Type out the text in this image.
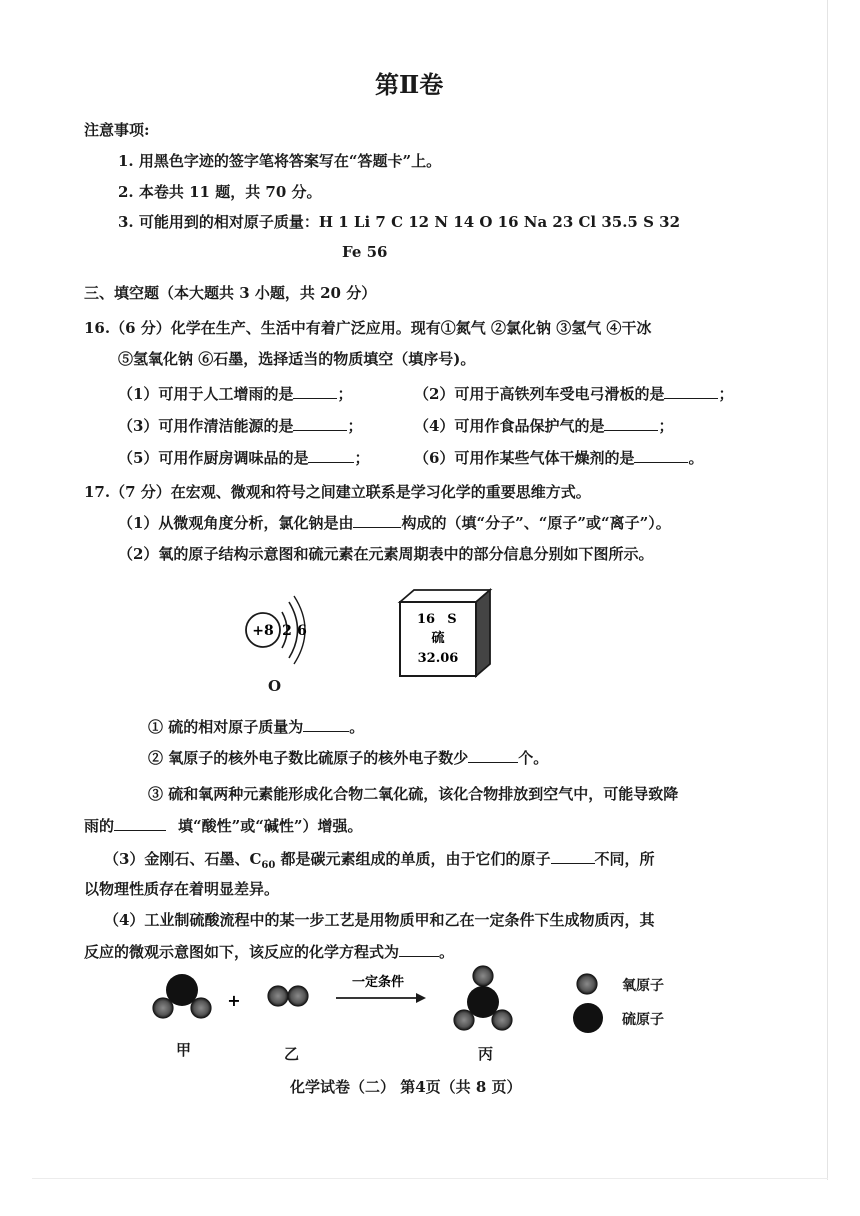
第Ⅱ卷
注意事项:
1. 用黑色字迹的签字笔将答案写在“答题卡”上。
2. 本卷共 11 题，共 70 分。
3. 可能用到的相对原子质量：H 1 Li 7 C 12 N 14 O 16 Na 23 Cl 35.5 S 32
Fe 56
三、填空题（本大题共 3 小题，共 20 分）
16.（6 分）化学在生产、生活中有着广泛应用。现有①氮气 ②氯化钠 ③氢气 ④干冰
⑤氢氧化钠 ⑥石墨，选择适当的物质填空（填序号)。
（1）可用于人工增雨的是	；	（2）可用于高铁列车受电弓滑板的是	；
（3）可用作清洁能源的是	；	（4）可用作食品保护气的是	；
（5）可用作厨房调味品的是	；	（6）可用作某些气体干燥剂的是	。
17.（7 分）在宏观、微观和符号之间建立联系是学习化学的重要思维方式。
（1）从微观角度分析，氯化钠是由	构成的（填“分子”、“原子”或“离子”）。
（2）氧的原子结构示意图和硫元素在元素周期表中的部分信息分别如下图所示。
+8 2 6
O
16 S
硫
32.06
① 硫的相对原子质量为	。
② 氧原子的核外电子数比硫原子的核外电子数少	个。
③ 硫和氧两种元素能形成化合物二氧化硫，该化合物排放到空气中，可能导致降
雨的	填“酸性”或“碱性”）增强。
（3）金刚石、石墨、$C_{60}$ 都是碳元素组成的单质，由于它们的原子	不同，所
以物理性质存在着明显差异。
（4）工业制硫酸流程中的某一步工艺是用物质甲和乙在一定条件下生成物质丙，其
反应的微观示意图如下，该反应的化学方程式为	。
+
一定条件	氧原子
硫原子
甲	乙	丙
化学试卷（二） 第4页（共 8 页）
